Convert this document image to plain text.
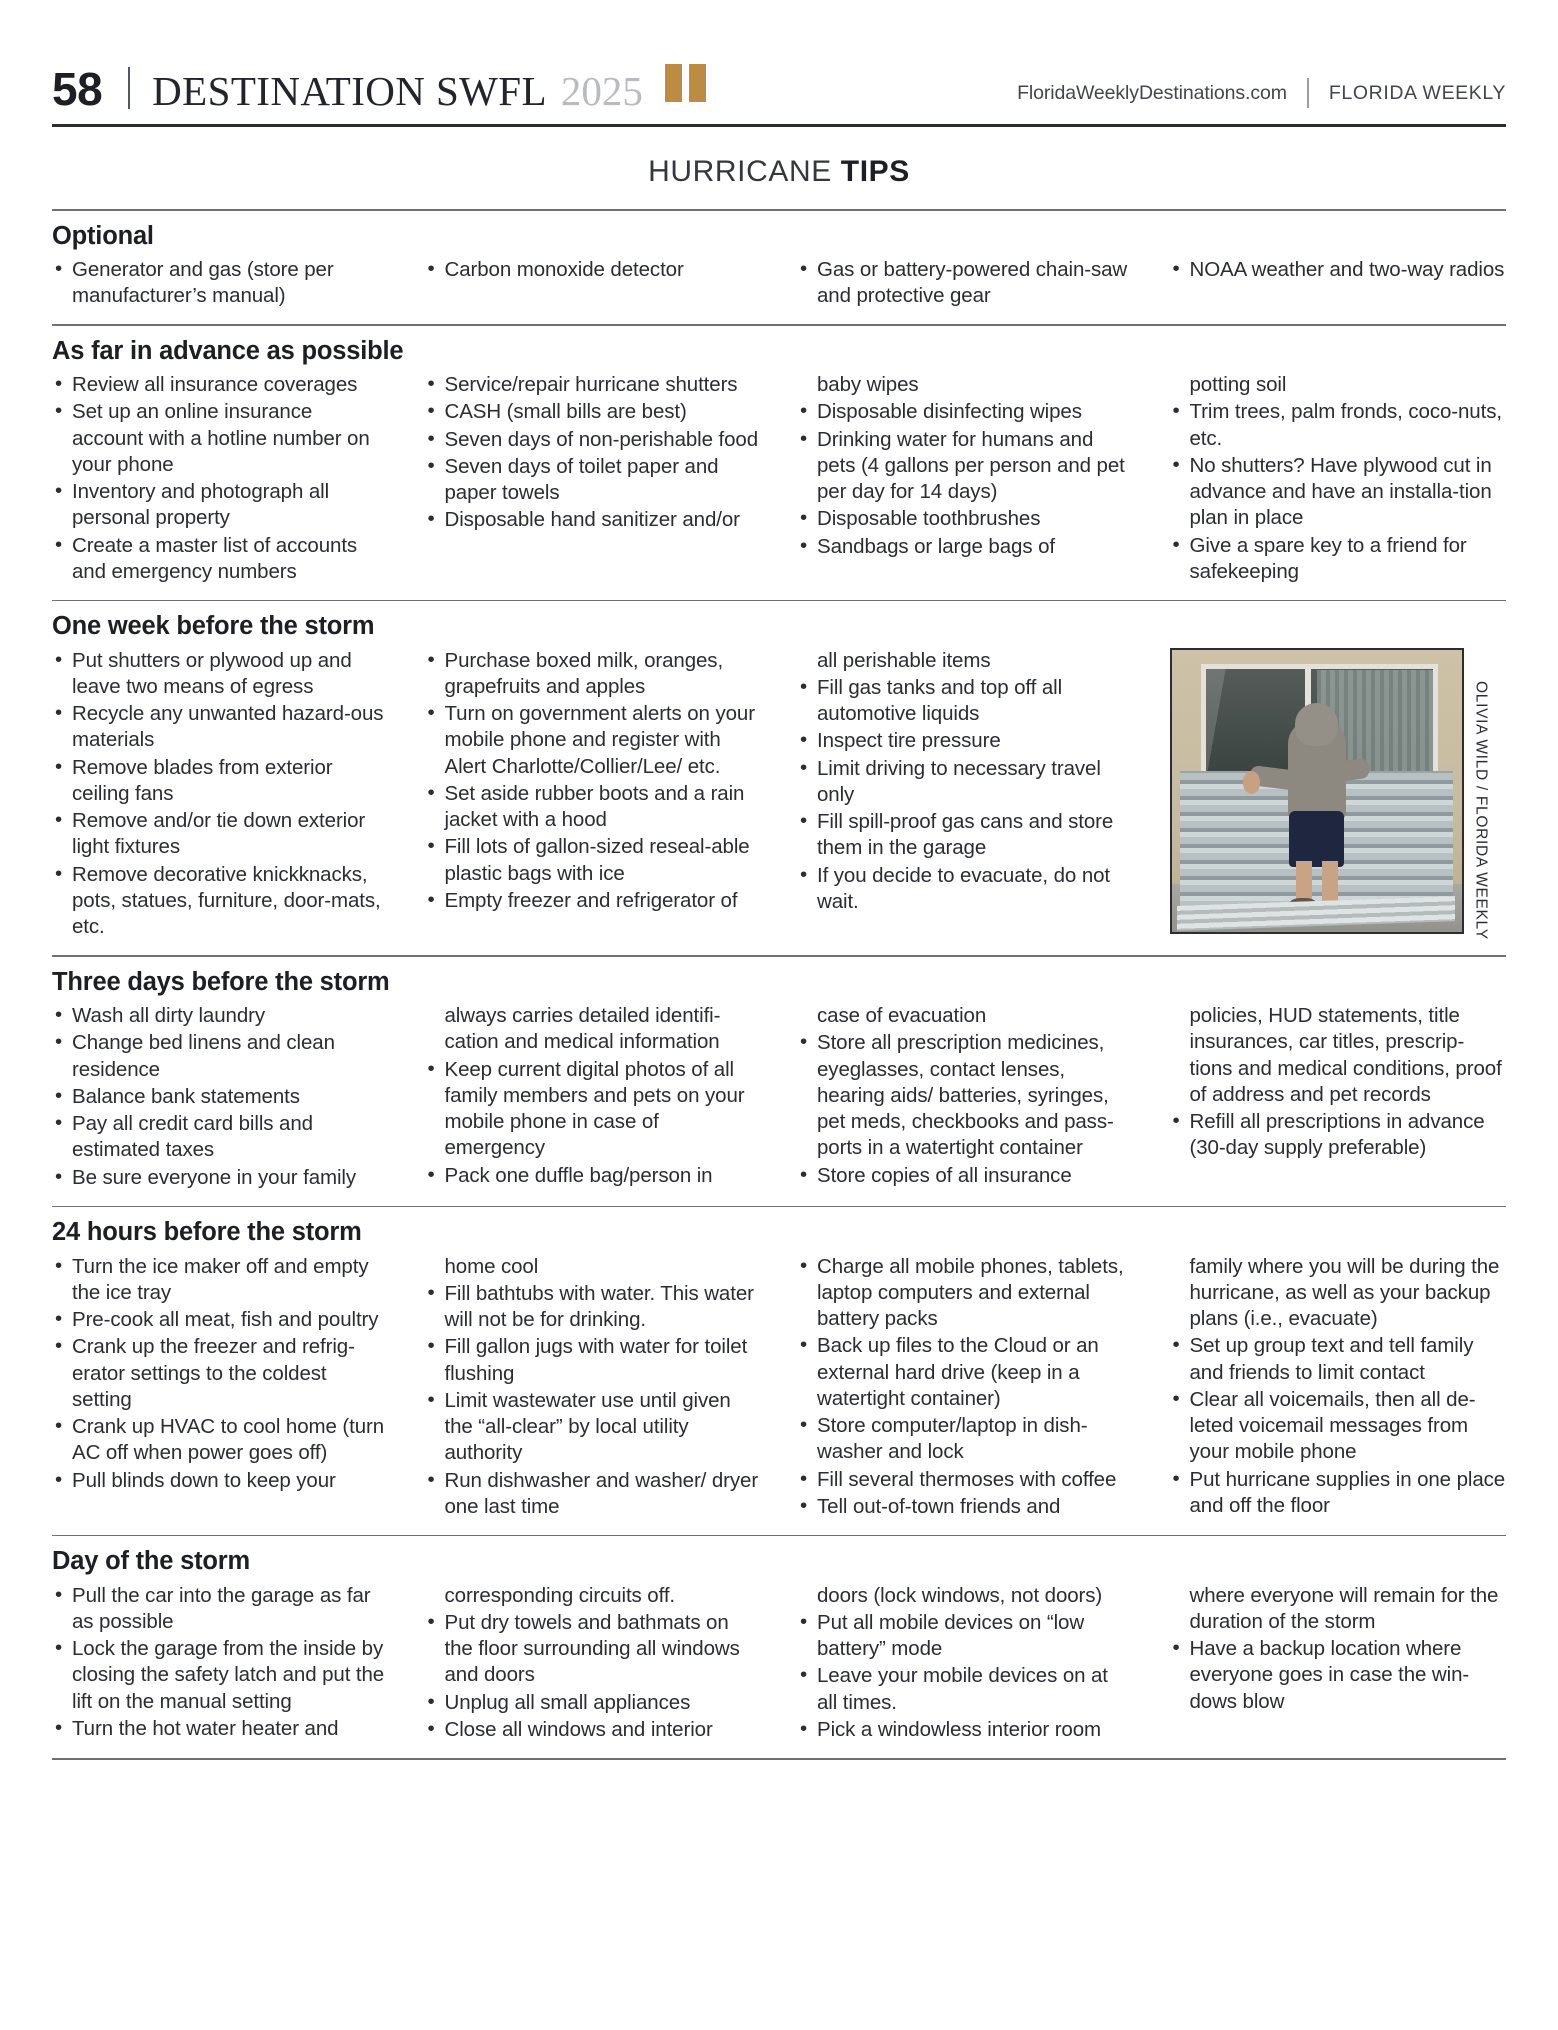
58 DESTINATION SWFL 2025	FloridaWeeklyDestinations.com FLORIDA WEEKLY
HURRICANE TIPS
Optional
• Generator and gas (store per manufacturer’s manual)
• Carbon monoxide detector	• Gas or battery-powered chain-saw and protective gear
• NOAA weather and two-way radios
As far in advance as possible
• Review all insurance coverages
• Set up an online insurance account with a hotline number on your phone
• Inventory and photograph all personal property
• Create a master list of accounts and emergency numbers
• Service/repair hurricane shutters
• CASH (small bills are best)
• Seven days of non-perishable food
• Seven days of toilet paper and paper towels
• Disposable hand sanitizer and/or
baby wipes
• Disposable disinfecting wipes
• Drinking water for humans and pets (4 gallons per person and pet per day for 14 days)
• Disposable toothbrushes
• Sandbags or large bags of
potting soil
• Trim trees, palm fronds, coco-nuts, etc.
• No shutters? Have plywood cut in advance and have an installa-tion plan in place
• Give a spare key to a friend for safekeeping
One week before the storm
• Put shutters or plywood up and leave two means of egress
• Recycle any unwanted hazard-ous materials
• Remove blades from exterior ceiling fans
• Remove and/or tie down exterior light fixtures
• Remove decorative knickknacks, pots, statues, furniture, door-mats, etc.
• Purchase boxed milk, oranges, grapefruits and apples
• Turn on government alerts on your mobile phone and register with Alert Charlotte/Collier/Lee/ etc.
• Set aside rubber boots and a rain jacket with a hood
• Fill lots of gallon-sized reseal-able plastic bags with ice
• Empty freezer and refrigerator of
all perishable items
• Fill gas tanks and top off all automotive liquids
• Inspect tire pressure
• Limit driving to necessary travel only
• Fill spill-proof gas cans and store them in the garage
• If you decide to evacuate, do not wait.	OLIVIA WILD / FLORIDA WEEKLY
Three days before the storm
• Wash all dirty laundry
• Change bed linens and clean residence
• Balance bank statements
• Pay all credit card bills and estimated taxes
• Be sure everyone in your family
always carries detailed identifi-cation and medical information
• Keep current digital photos of all family members and pets on your mobile phone in case of emergency
• Pack one duffle bag/person in
case of evacuation
• Store all prescription medicines, eyeglasses, contact lenses, hearing aids/ batteries, syringes, pet meds, checkbooks and pass-ports in a watertight container
• Store copies of all insurance
policies, HUD statements, title insurances, car titles, prescrip-tions and medical conditions, proof of address and pet records
• Refill all prescriptions in advance (30-day supply preferable)
24 hours before the storm
• Turn the ice maker off and empty the ice tray
• Pre-cook all meat, fish and poultry
• Crank up the freezer and refrig-erator settings to the coldest setting
• Crank up HVAC to cool home (turn AC off when power goes off)
• Pull blinds down to keep your
home cool
• Fill bathtubs with water. This water will not be for drinking.
• Fill gallon jugs with water for toilet flushing
• Limit wastewater use until given the “all-clear” by local utility authority
• Run dishwasher and washer/ dryer one last time
• Charge all mobile phones, tablets, laptop computers and external battery packs
• Back up files to the Cloud or an external hard drive (keep in a watertight container)
• Store computer/laptop in dish-washer and lock
• Fill several thermoses with coffee
• Tell out-of-town friends and
family where you will be during the hurricane, as well as your backup plans (i.e., evacuate)
• Set up group text and tell family and friends to limit contact
• Clear all voicemails, then all de-leted voicemail messages from your mobile phone
• Put hurricane supplies in one place and off the floor
Day of the storm
• Pull the car into the garage as far as possible
• Lock the garage from the inside by closing the safety latch and put the lift on the manual setting
• Turn the hot water heater and
corresponding circuits off.
• Put dry towels and bathmats on the floor surrounding all windows and doors
• Unplug all small appliances
• Close all windows and interior
doors (lock windows, not doors)
• Put all mobile devices on “low battery” mode
• Leave your mobile devices on at all times.
• Pick a windowless interior room
where everyone will remain for the duration of the storm
• Have a backup location where everyone goes in case the win-dows blow
